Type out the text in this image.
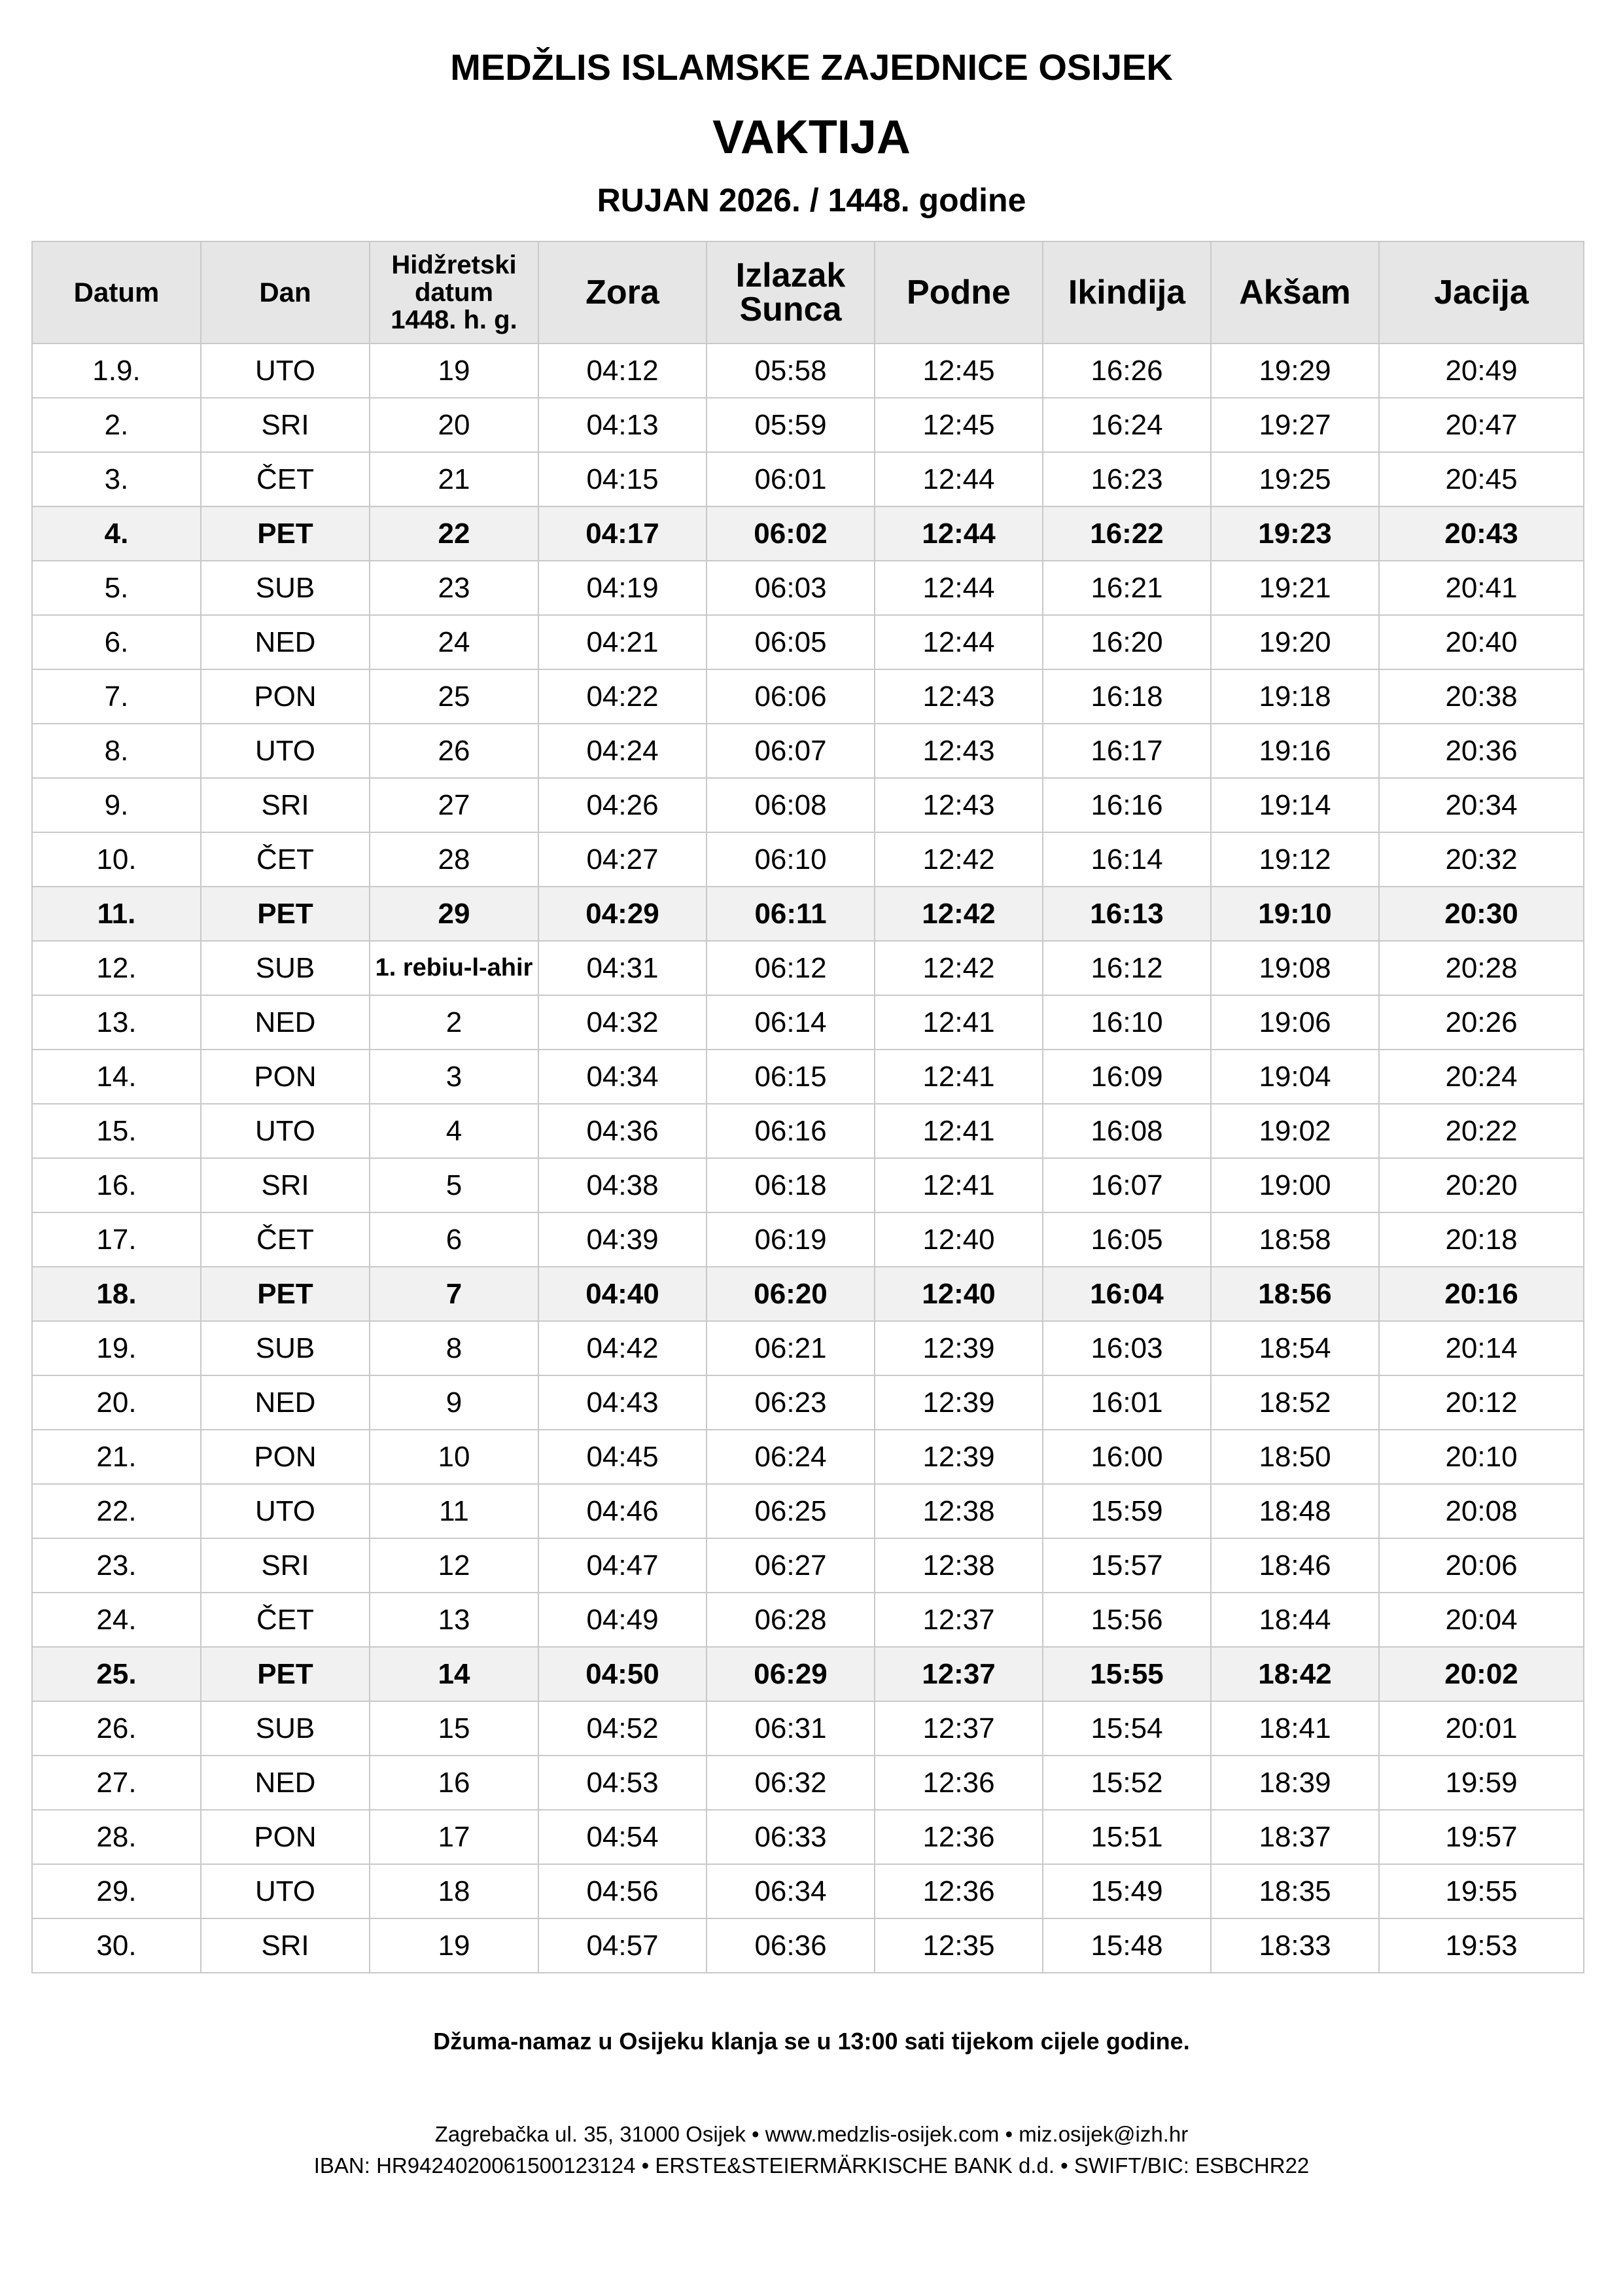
MEDŽLIS ISLAMSKE ZAJEDNICE OSIJEK
VAKTIJA
RUJAN 2026. / 1448. godine
Datum	Dan	Hidžretski
datum
1448. h. g.	Zora	Izlazak
Sunca	Podne	Ikindija	Akšam	Jacija
1.9.	UTO	19	04:12	05:58	12:45	16:26	19:29	20:49
2.	SRI	20	04:13	05:59	12:45	16:24	19:27	20:47
3.	ČET	21	04:15	06:01	12:44	16:23	19:25	20:45
4.	PET	22	04:17	06:02	12:44	16:22	19:23	20:43
5.	SUB	23	04:19	06:03	12:44	16:21	19:21	20:41
6.	NED	24	04:21	06:05	12:44	16:20	19:20	20:40
7.	PON	25	04:22	06:06	12:43	16:18	19:18	20:38
8.	UTO	26	04:24	06:07	12:43	16:17	19:16	20:36
9.	SRI	27	04:26	06:08	12:43	16:16	19:14	20:34
10.	ČET	28	04:27	06:10	12:42	16:14	19:12	20:32
11.	PET	29	04:29	06:11	12:42	16:13	19:10	20:30
12.	SUB	1. rebiu-l-ahir	04:31	06:12	12:42	16:12	19:08	20:28
13.	NED	2	04:32	06:14	12:41	16:10	19:06	20:26
14.	PON	3	04:34	06:15	12:41	16:09	19:04	20:24
15.	UTO	4	04:36	06:16	12:41	16:08	19:02	20:22
16.	SRI	5	04:38	06:18	12:41	16:07	19:00	20:20
17.	ČET	6	04:39	06:19	12:40	16:05	18:58	20:18
18.	PET	7	04:40	06:20	12:40	16:04	18:56	20:16
19.	SUB	8	04:42	06:21	12:39	16:03	18:54	20:14
20.	NED	9	04:43	06:23	12:39	16:01	18:52	20:12
21.	PON	10	04:45	06:24	12:39	16:00	18:50	20:10
22.	UTO	11	04:46	06:25	12:38	15:59	18:48	20:08
23.	SRI	12	04:47	06:27	12:38	15:57	18:46	20:06
24.	ČET	13	04:49	06:28	12:37	15:56	18:44	20:04
25.	PET	14	04:50	06:29	12:37	15:55	18:42	20:02
26.	SUB	15	04:52	06:31	12:37	15:54	18:41	20:01
27.	NED	16	04:53	06:32	12:36	15:52	18:39	19:59
28.	PON	17	04:54	06:33	12:36	15:51	18:37	19:57
29.	UTO	18	04:56	06:34	12:36	15:49	18:35	19:55
30.	SRI	19	04:57	06:36	12:35	15:48	18:33	19:53
Džuma-namaz u Osijeku klanja se u 13:00 sati tijekom cijele godine.
Zagrebačka ul. 35, 31000 Osijek • www.medzlis-osijek.com • miz.osijek@izh.hr
IBAN: HR9424020061500123124 • ERSTE&STEIERMÄRKISCHE BANK d.d. • SWIFT/BIC: ESBCHR22
